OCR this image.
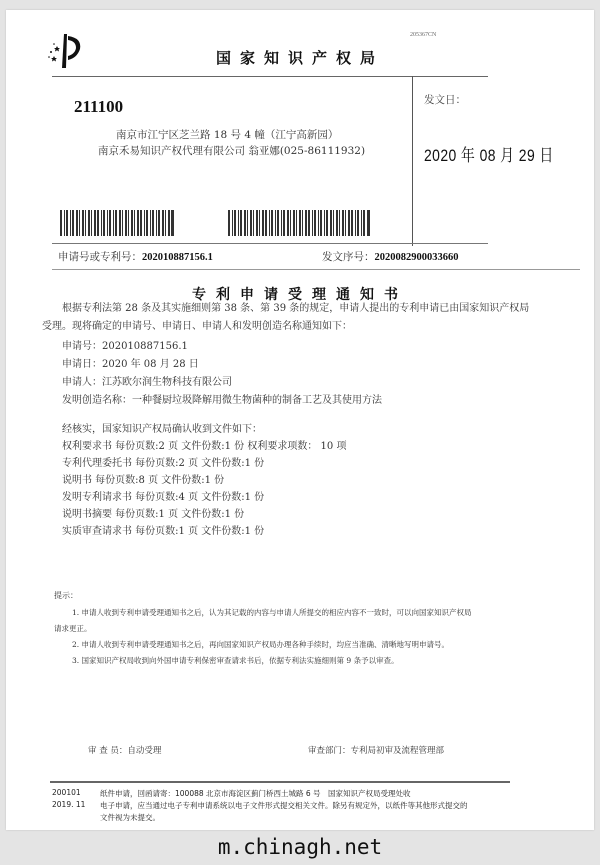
205367CN
国家知识产权局
211100
南京市江宁区芝兰路 18 号 4 幢（江宁高新园）
南京禾易知识产权代理有限公司 翁亚娜(025-86111932)
发文日：
2020 年 08 月 29 日
申请号或专利号：202010887156.1	发文序号：2020082900033660
专利申请受理通知书
根据专利法第 28 条及其实施细则第 38 条、第 39 条的规定，申请人提出的专利申请已由国家知识产权局
受理。现将确定的申请号、申请日、申请人和发明创造名称通知如下：
申请号：202010887156.1
申请日：2020 年 08 月 28 日
申请人：江苏欧尔润生物科技有限公司
发明创造名称：一种餐厨垃圾降解用微生物菌种的制备工艺及其使用方法
经核实，国家知识产权局确认收到文件如下：
权利要求书 每份页数:2 页 文件份数:1 份 权利要求项数： 10 项
专利代理委托书 每份页数:2 页 文件份数:1 份
说明书 每份页数:8 页 文件份数:1 份
发明专利请求书 每份页数:4 页 文件份数:1 份
说明书摘要 每份页数:1 页 文件份数:1 份
实质审查请求书 每份页数:1 页 文件份数:1 份
提示：
1. 申请人收到专利申请受理通知书之后，认为其记载的内容与申请人所提交的相应内容不一致时，可以向国家知识产权局
请求更正。
2. 申请人收到专利申请受理通知书之后，再向国家知识产权局办理各种手续时，均应当准确、清晰地写明申请号。
3. 国家知识产权局收到向外国申请专利保密审查请求书后，依据专利法实施细则第 9 条予以审查。
审 查 员：自动受理	审查部门：专利局初审及流程管理部
200101
2019. 11
纸件申请，回函请寄：100088 北京市海淀区蓟门桥西土城路 6 号　国家知识产权局受理处收
电子申请，应当通过电子专利申请系统以电子文件形式提交相关文件。除另有规定外，以纸件等其他形式提交的
文件视为未提交。
m.chinagh.net
